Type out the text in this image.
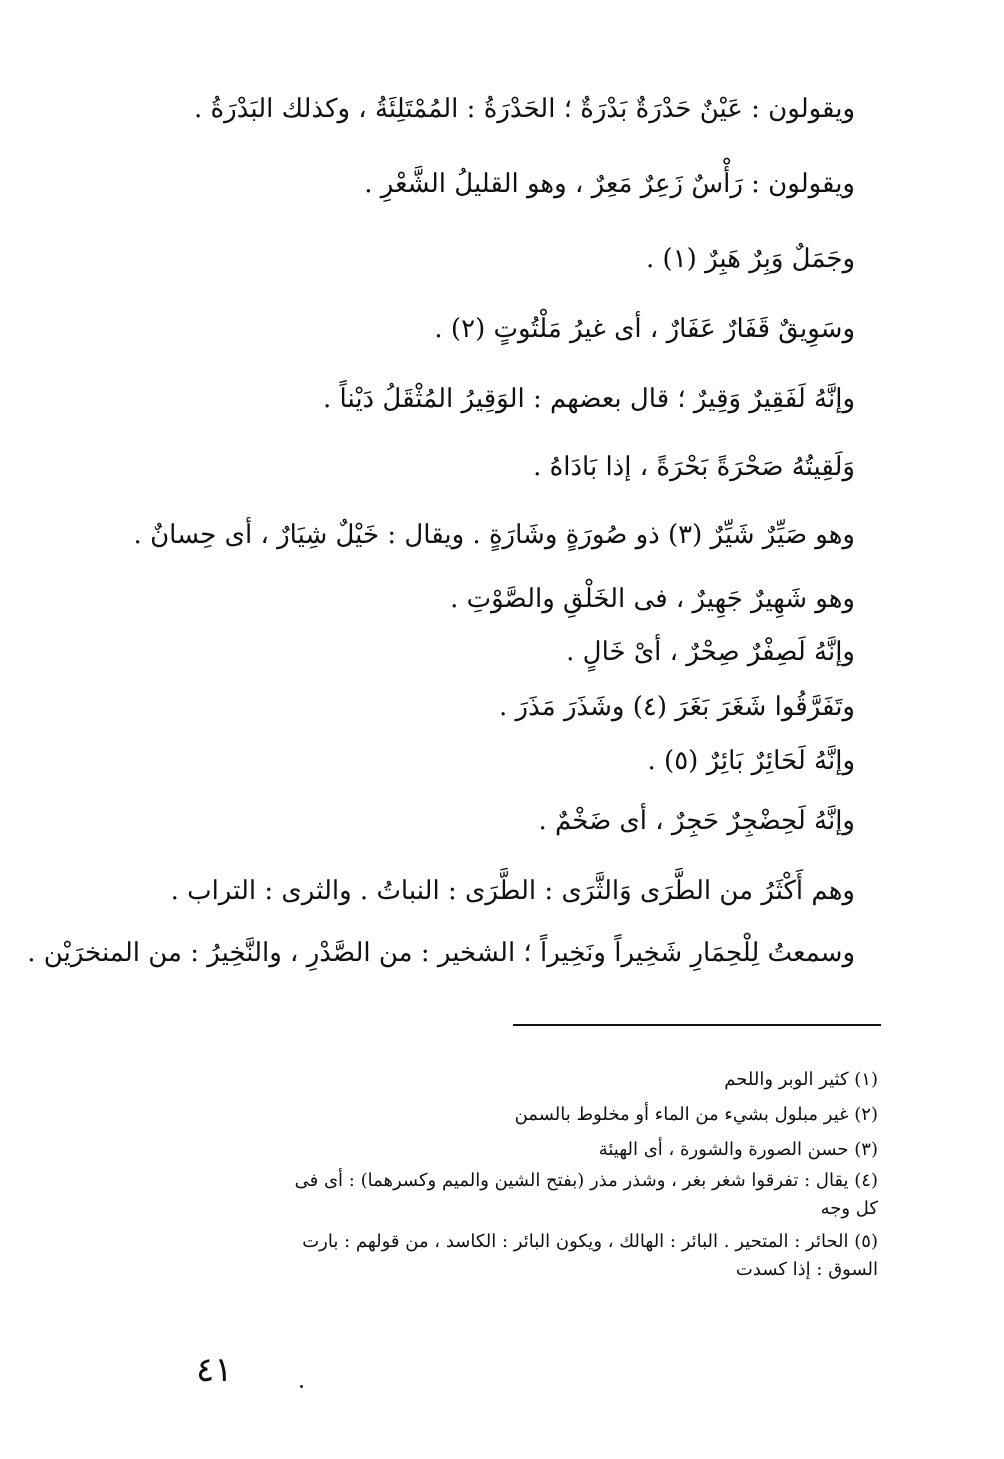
ويقولون : عَيْنٌ حَدْرَةٌ بَدْرَةٌ ؛ الحَدْرَةُ : المُمْتَلِئَةُ ، وكذلك البَدْرَةُ .
ويقولون : رَأْسٌ زَعِرٌ مَعِرٌ ، وهو القليلُ الشَّعْرِ .
وجَمَلٌ وَبِرٌ هَبِرٌ (١) .
وسَوِيقٌ قَفَارٌ عَفَارٌ ، أى غيرُ مَلْتُوتٍ (٢) .
وإنَّهُ لَفَقِيرٌ وَقِيرٌ ؛ قال بعضهم : الوَقِيرُ المُثْقَلُ دَيْناً .
وَلَقِيتُهُ صَحْرَةً بَحْرَةً ، إذا بَادَاهُ .
وهو صَيِّرٌ شَيِّرٌ (٣) ذو صُورَةٍ وشَارَةٍ . ويقال : خَيْلٌ شِيَارٌ ، أى حِسانٌ .
وهو شَهِيرٌ جَهِيرٌ ، فى الخَلْقِ والصَّوْتِ .
وإنَّهُ لَصِفْرٌ صِحْرٌ ، أىْ خَالٍ .
وتَفَرَّقُوا شَغَرَ بَغَرَ (٤) وشَذَرَ مَذَرَ .
وإنَّهُ لَحَائِرٌ بَائِرٌ (٥) .
وإنَّهُ لَحِضْجِرٌ حَجِرٌ ، أى ضَخْمٌ .
وهم أَكْثَرُ من الطَّرَى وَالثَّرَى : الطَّرَى : النباتُ . والثرى : التراب .
وسمعتُ لِلْحِمَارِ شَخِيراً ونَخِيراً ؛ الشخير : من الصَّدْرِ ، والنَّخِيرُ : من المنخرَيْن .
(١) كثير الوبر واللحم
(٢) غير مبلول بشيء من الماء أو مخلوط بالسمن
(٣) حسن الصورة والشورة ، أى الهيئة
(٤) يقال : تفرقوا شغر بغر ، وشذر مذر (بفتح الشين والميم وكسرهما) : أى فى
كل وجه
(٥) الحائر : المتحير . البائر : الهالك ، ويكون البائر : الكاسد ، من قولهم : بارت
السوق : إذا كسدت
٤١
